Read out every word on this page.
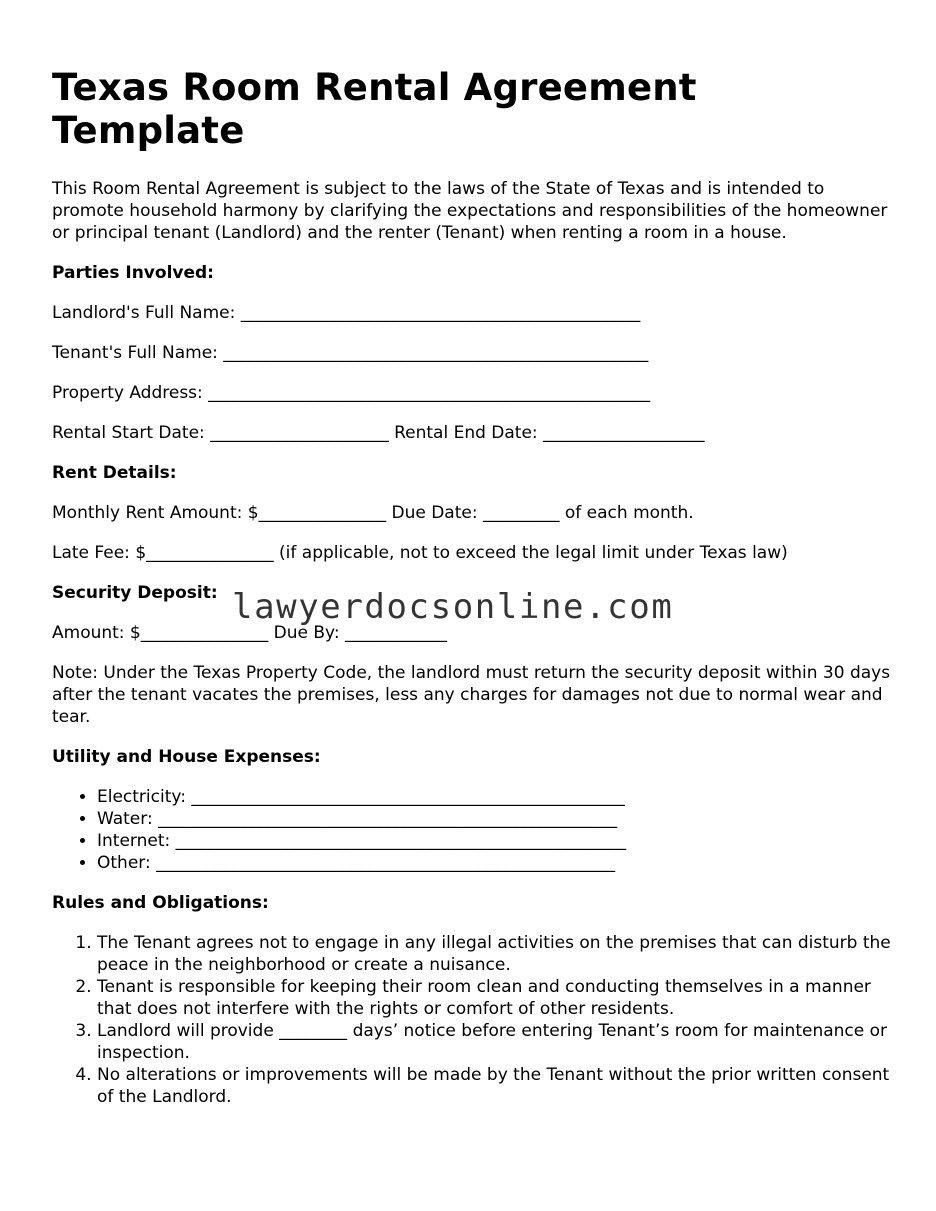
Texas Room Rental Agreement Template

This Room Rental Agreement is subject to the laws of the State of Texas and is intended to promote household harmony by clarifying the expectations and responsibilities of the homeowner or principal tenant (Landlord) and the renter (Tenant) when renting a room in a house.

Parties Involved:

Landlord's Full Name: _______________________________________________

Tenant's Full Name: __________________________________________________

Property Address: ____________________________________________________

Rental Start Date: _____________________ Rental End Date: ___________________

Rent Details:

Monthly Rent Amount: $_______________ Due Date: _________ of each month.

Late Fee: $_______________ (if applicable, not to exceed the legal limit under Texas law)

Security Deposit:

Amount: $_______________ Due By: ____________

Note: Under the Texas Property Code, the landlord must return the security deposit within 30 days after the tenant vacates the premises, less any charges for damages not due to normal wear and tear.

Utility and House Expenses:

• Electricity: ___________________________________________________
• Water: ______________________________________________________
• Internet: _____________________________________________________
• Other: ______________________________________________________

Rules and Obligations:

1. The Tenant agrees not to engage in any illegal activities on the premises that can disturb the peace in the neighborhood or create a nuisance.
2. Tenant is responsible for keeping their room clean and conducting themselves in a manner that does not interfere with the rights or comfort of other residents.
3. Landlord will provide ________ days’ notice before entering Tenant’s room for maintenance or inspection.
4. No alterations or improvements will be made by the Tenant without the prior written consent of the Landlord.
lawyerdocsonline.com
